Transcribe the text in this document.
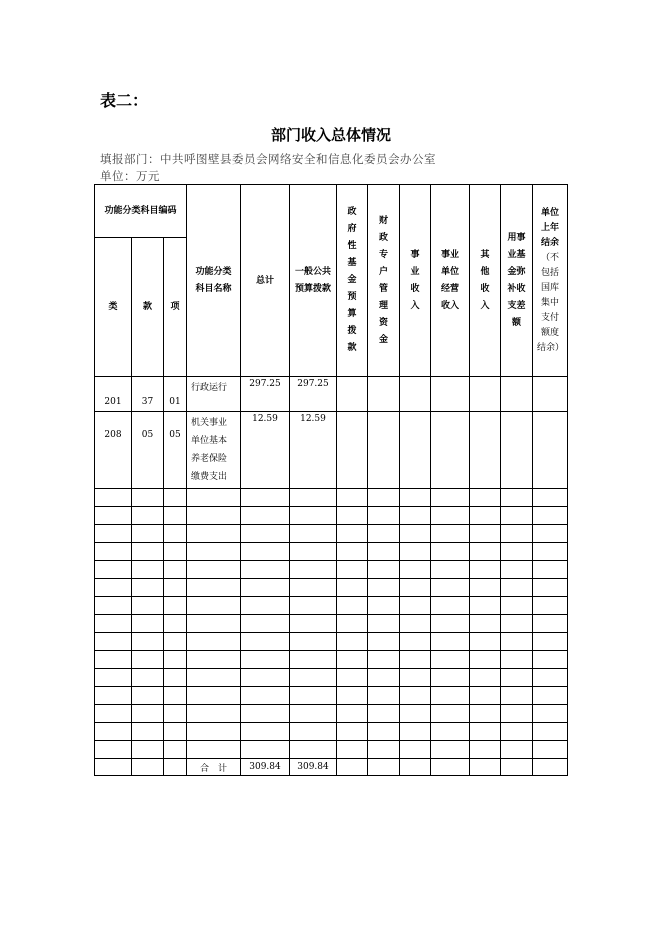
表二：
部门收入总体情况
填报部门：中共呼图壁县委员会网络安全和信息化委员会办公室
单位：万元
功能分类科目编码			功能分类科目名称	总计	一般公共预算拨款	政府性基金预算拨款	财政专户管理资金	事业收入	事业单位经营收入	其他收入	用事业基金弥补收支差额	单位上年结余（不包括国库集中支付额度结余）

类	款	项										
201	37	01	行政运行	297.25	297.25							
208	05	05	机关事业单位基本养老保险缴费支出	12.59	12.59							

			合　计	309.84	309.84							
